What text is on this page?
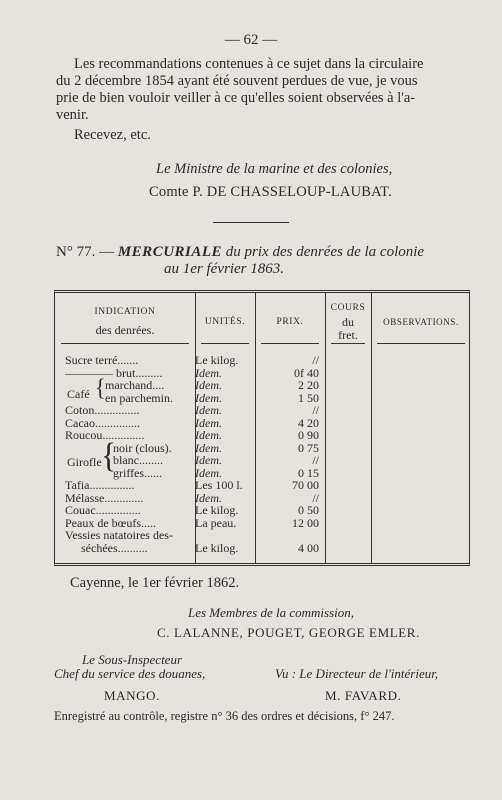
— 62 —
Les recommandations contenues à ce sujet dans la circulaire
du 2 décembre 1854 ayant été souvent perdues de vue, je vous
prie de bien vouloir veiller à ce qu'elles soient observées à l'a-
venir.
Recevez, etc.
Le Ministre de la marine et des colonies,
Comte P. DE CHASSELOUP-LAUBAT.
N° 77. — MERCURIALE du prix des denrées de la colonie
au 1er février 1863.
INDICATION
des denrées.
UNITÉS.	PRIX.
COURS
du
fret.
OBSERVATIONS.
Sucre terré.......	Le kilog.	//
———— brut.........	Idem.	0f 40
Café { marchand....	Idem.	2 20
en parchemin. Idem.	1 50
Coton...............	Idem.	//
Cacao...............	Idem.	4 20
Roucou..............	Idem.	0 90
Girofle {
noir (clous). Idem.	0 75
blanc........	Idem.	//
griffes......	Idem.	0 15
Tafia...............	Les 100 l.	70 00
Mélasse.............	Idem.	//
Couac...............	Le kilog.	0 50
Peaux de bœufs.....	La peau.	12 00
Vessies natatoires des-
séchées..........	Le kilog.	4 00
Cayenne, le 1er février 1862.
Les Membres de la commission,
C. LALANNE, POUGET, GEORGE EMLER.
Le Sous-Inspecteur
Chef du service des douanes,	Vu : Le Directeur de l'intérieur,
MANGO.	M. FAVARD.
Enregistré au contrôle, registre n° 36 des ordres et décisions, f° 247.
